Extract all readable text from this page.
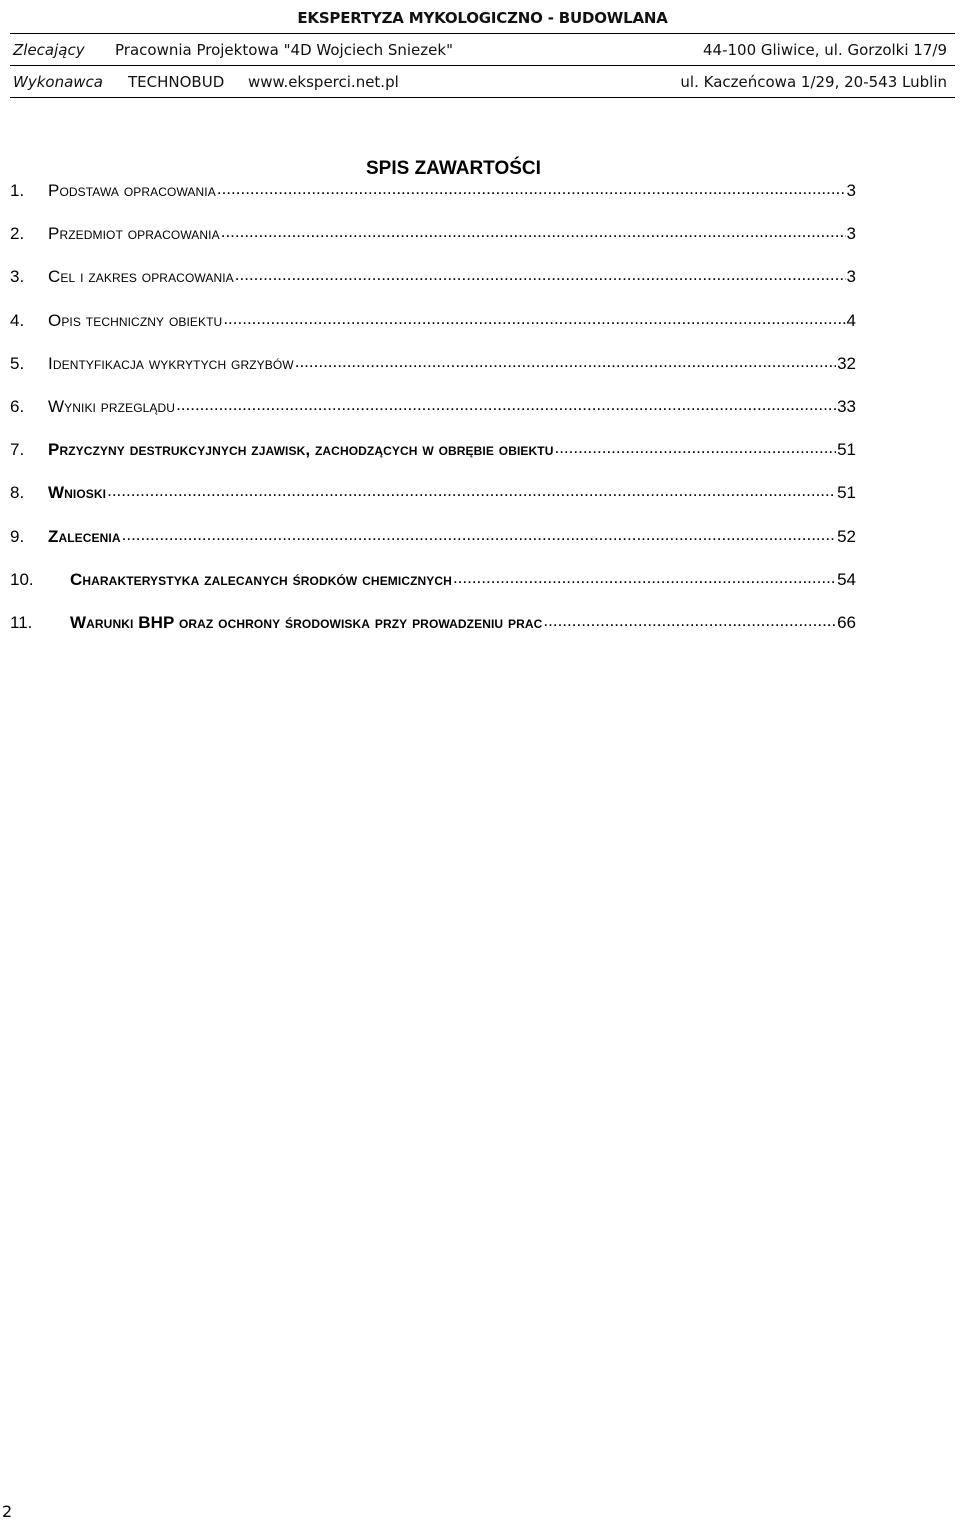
EKSPERTYZA MYKOLOGICZNO - BUDOWLANA
Zlecający Pracownia Projektowa "4D Wojciech Sniezek"	44-100 Gliwice, ul. Gorzolki 17/9
Wykonawca TECHNOBUD www.eksperci.net.pl	ul. Kaczeńcowa 1/29, 20-543 Lublin
SPIS ZAWARTOŚCI
1.	Podstawa opracowania .....	3
2.	Przedmiot opracowania .....	3
3.	Cel i zakres opracowania .....	3
4.	Opis techniczny obiektu .....	4
5.	Identyfikacja wykrytych grzybów .....	32
6.	Wyniki przeglądu .....	33
7.	Przyczyny destrukcyjnych zjawisk, zachodzących w obrębie obiektu .....	51
8.	Wnioski .....	51
9.	Zalecenia .....	52
10.	Charakterystyka zalecanych środków chemicznych .....	54
11.	Warunki BHP oraz ochrony środowiska przy prowadzeniu prac .....	66
2
